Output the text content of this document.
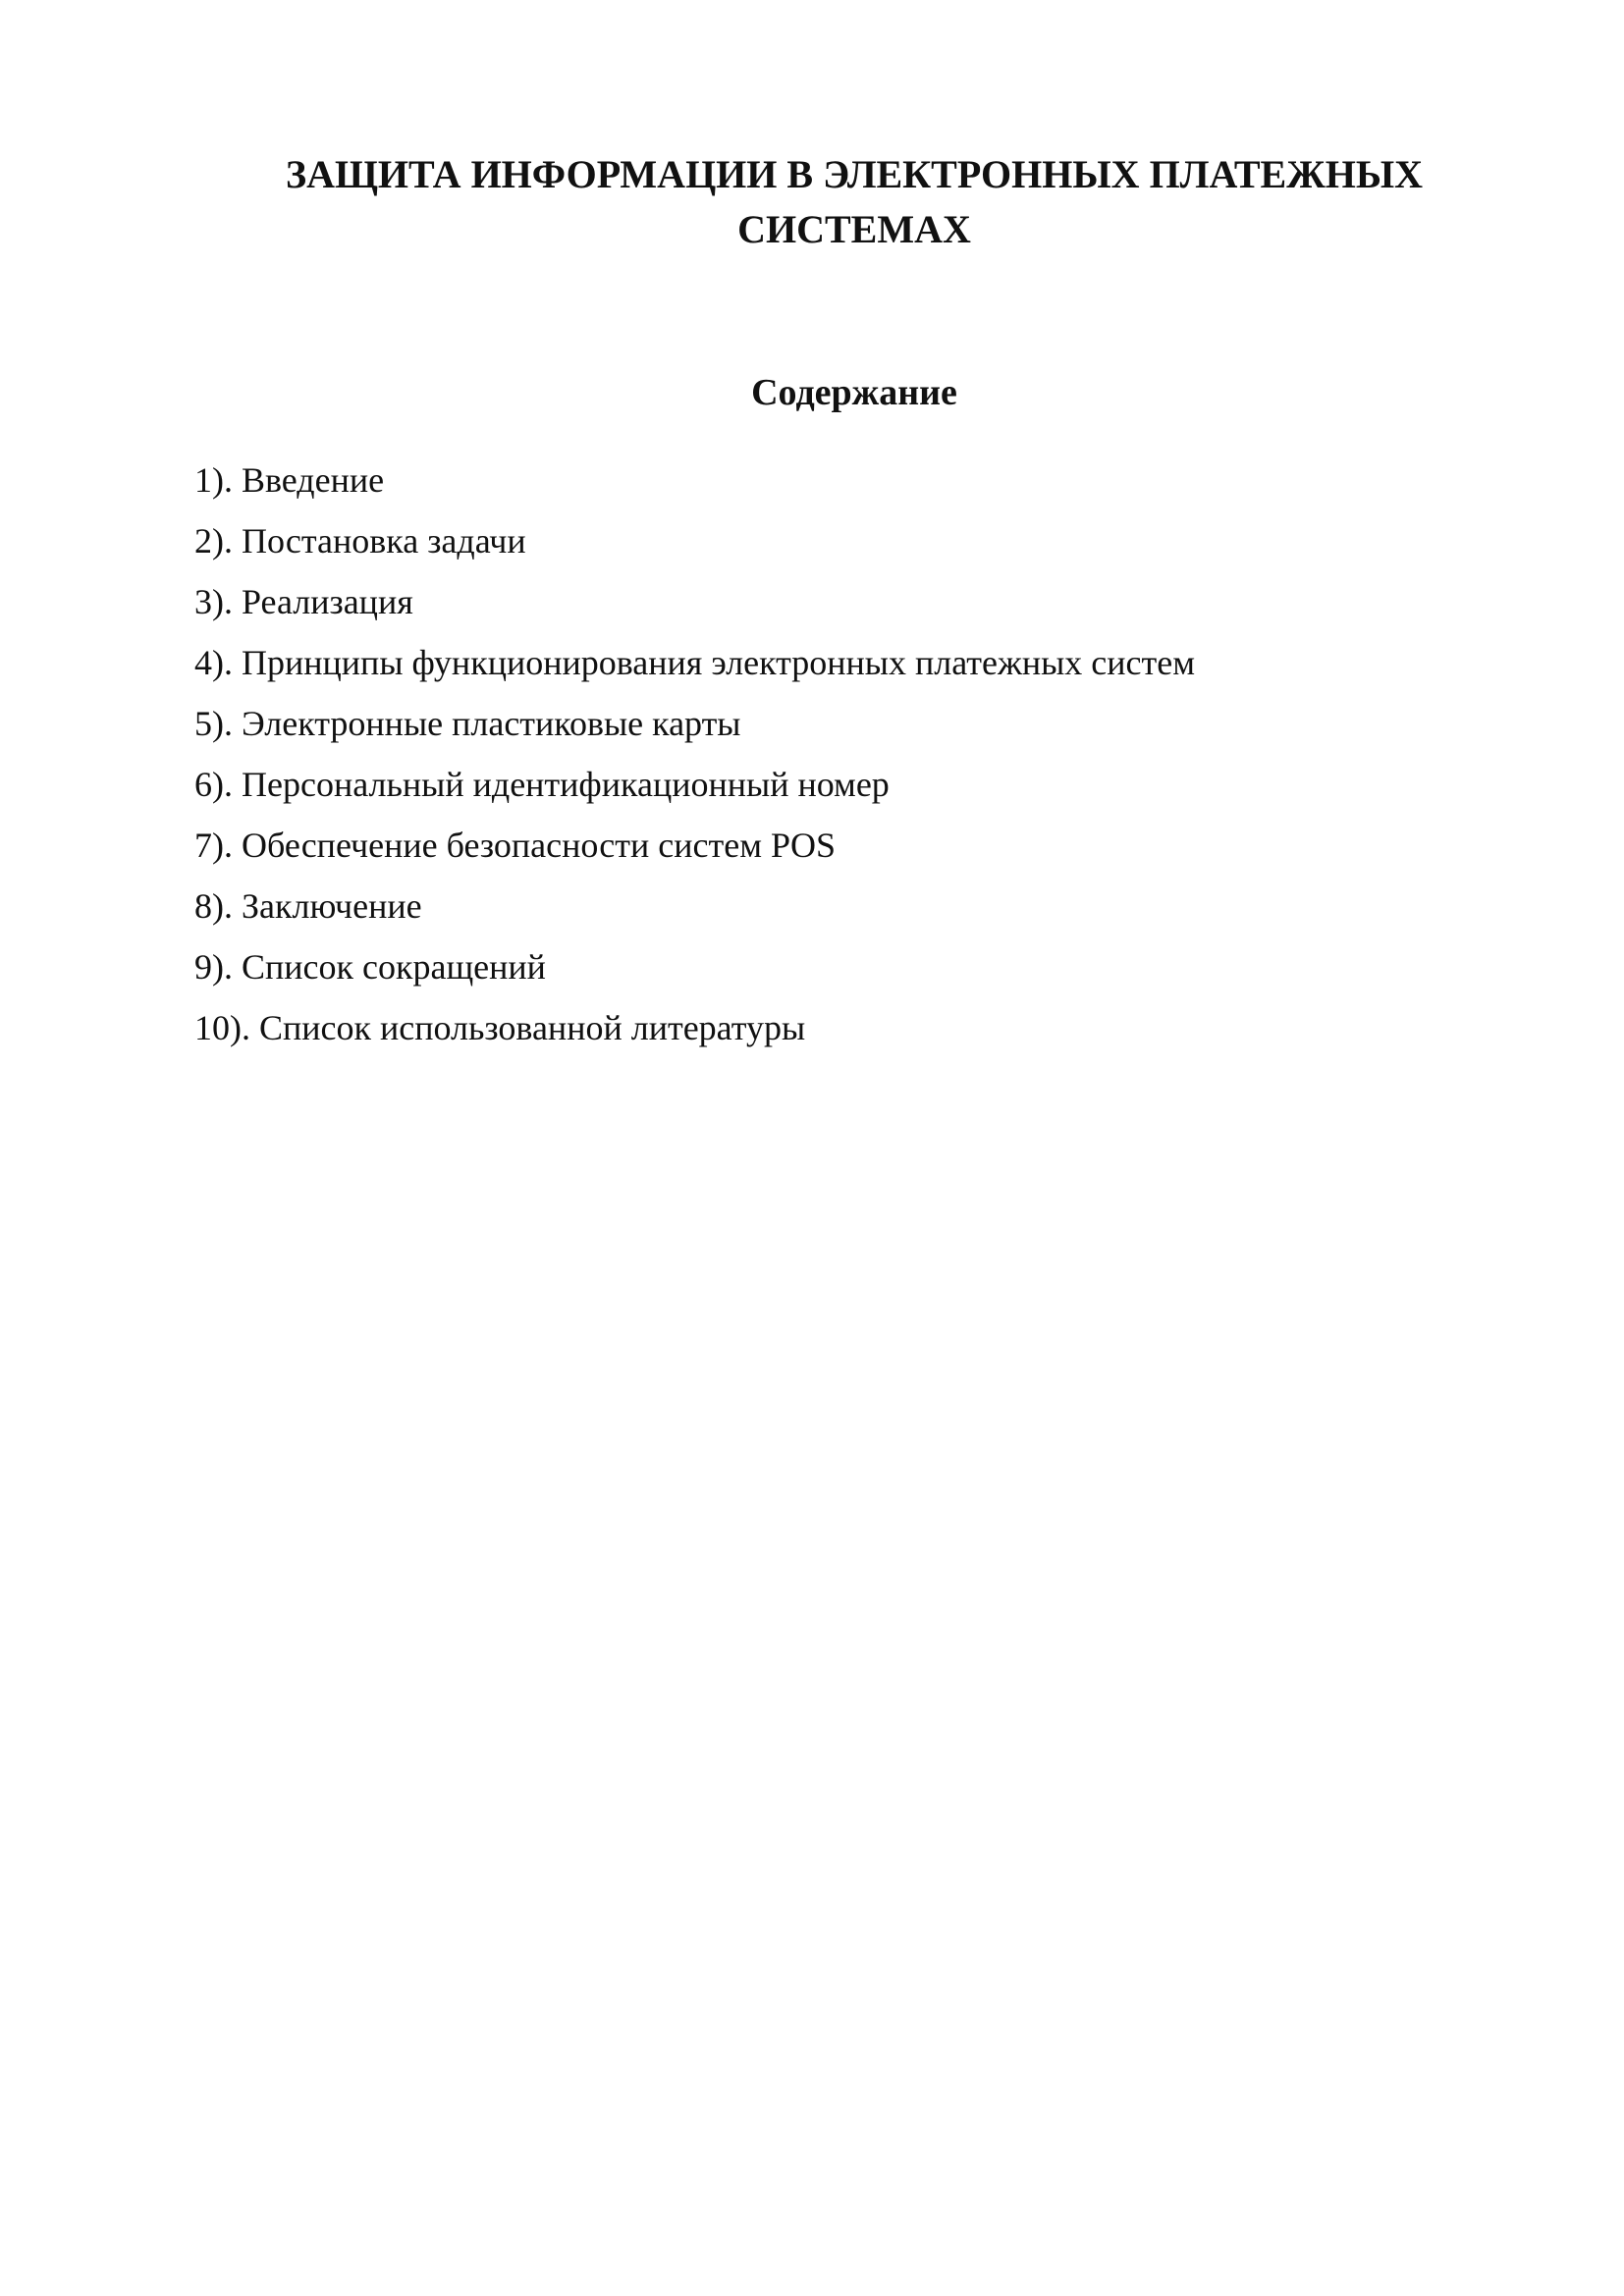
ЗАЩИТА ИНФОРМАЦИИ В ЭЛЕКТРОННЫХ ПЛАТЕЖНЫХ
СИСТЕМАХ
Содержание
1). Введение
2). Постановка задачи
3). Реализация
4). Принципы функционирования электронных платежных систем
5). Электронные пластиковые карты
6). Персональный идентификационный номер
7). Обеспечение безопасности систем POS
8). Заключение
9). Список сокращений
10). Список использованной литературы
